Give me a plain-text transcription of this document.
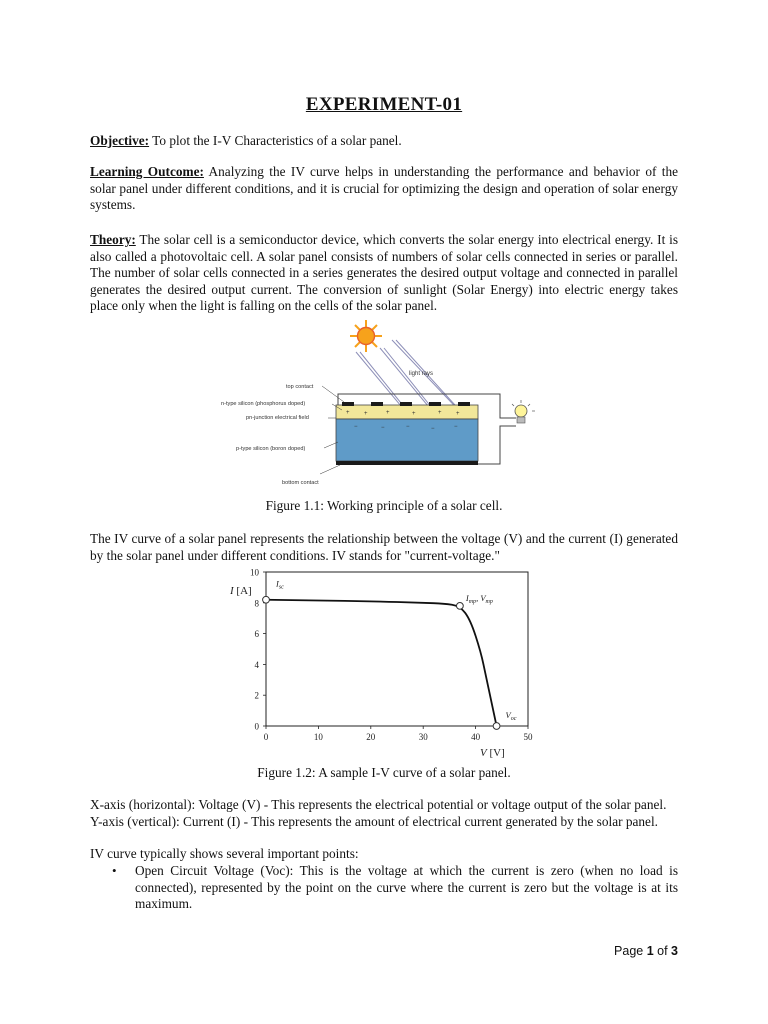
EXPERIMENT-01
Objective: To plot the I-V Characteristics of a solar panel.
Learning Outcome: Analyzing the IV curve helps in understanding the performance and behavior of the solar panel under different conditions, and it is crucial for optimizing the design and operation of solar energy systems.
Theory: The solar cell is a semiconductor device, which converts the solar energy into electrical energy. It is also called a photovoltaic cell. A solar panel consists of numbers of solar cells connected in series or parallel. The number of solar cells connected in a series generates the desired output voltage and connected in parallel generates the desired output current. The conversion of sunlight (Solar Energy) into electric energy takes place only when the light is falling on the cells of the solar panel.
light rays
+ +	+	+	+ +
−	−	−	−	−
top contact
n-type silicon (phosphorus doped)
pn-junction electrical field
p-type silicon (boron doped)
bottom contact
Figure 1.1: Working principle of a solar cell.
The IV curve of a solar panel represents the relationship between the voltage (V) and the current (I) generated by the solar panel under different conditions. IV stands for "current-voltage."
0
2
4
6
8
10
0	10	20	30	40	50
I [A]
V [V]
$I_{sc}$
$I_{mp}$, $V_{mp}$
$V_{oc}$
Figure 1.2: A sample I-V curve of a solar panel.
X-axis (horizontal): Voltage (V) - This represents the electrical potential or voltage output of the solar panel.
Y-axis (vertical): Current (I) - This represents the amount of electrical current generated by the solar panel.
IV curve typically shows several important points:
• Open Circuit Voltage (Voc): This is the voltage at which the current is zero (when no load is connected), represented by the point on the curve where the current is zero but the voltage is at its maximum.
Page 1 of 3
